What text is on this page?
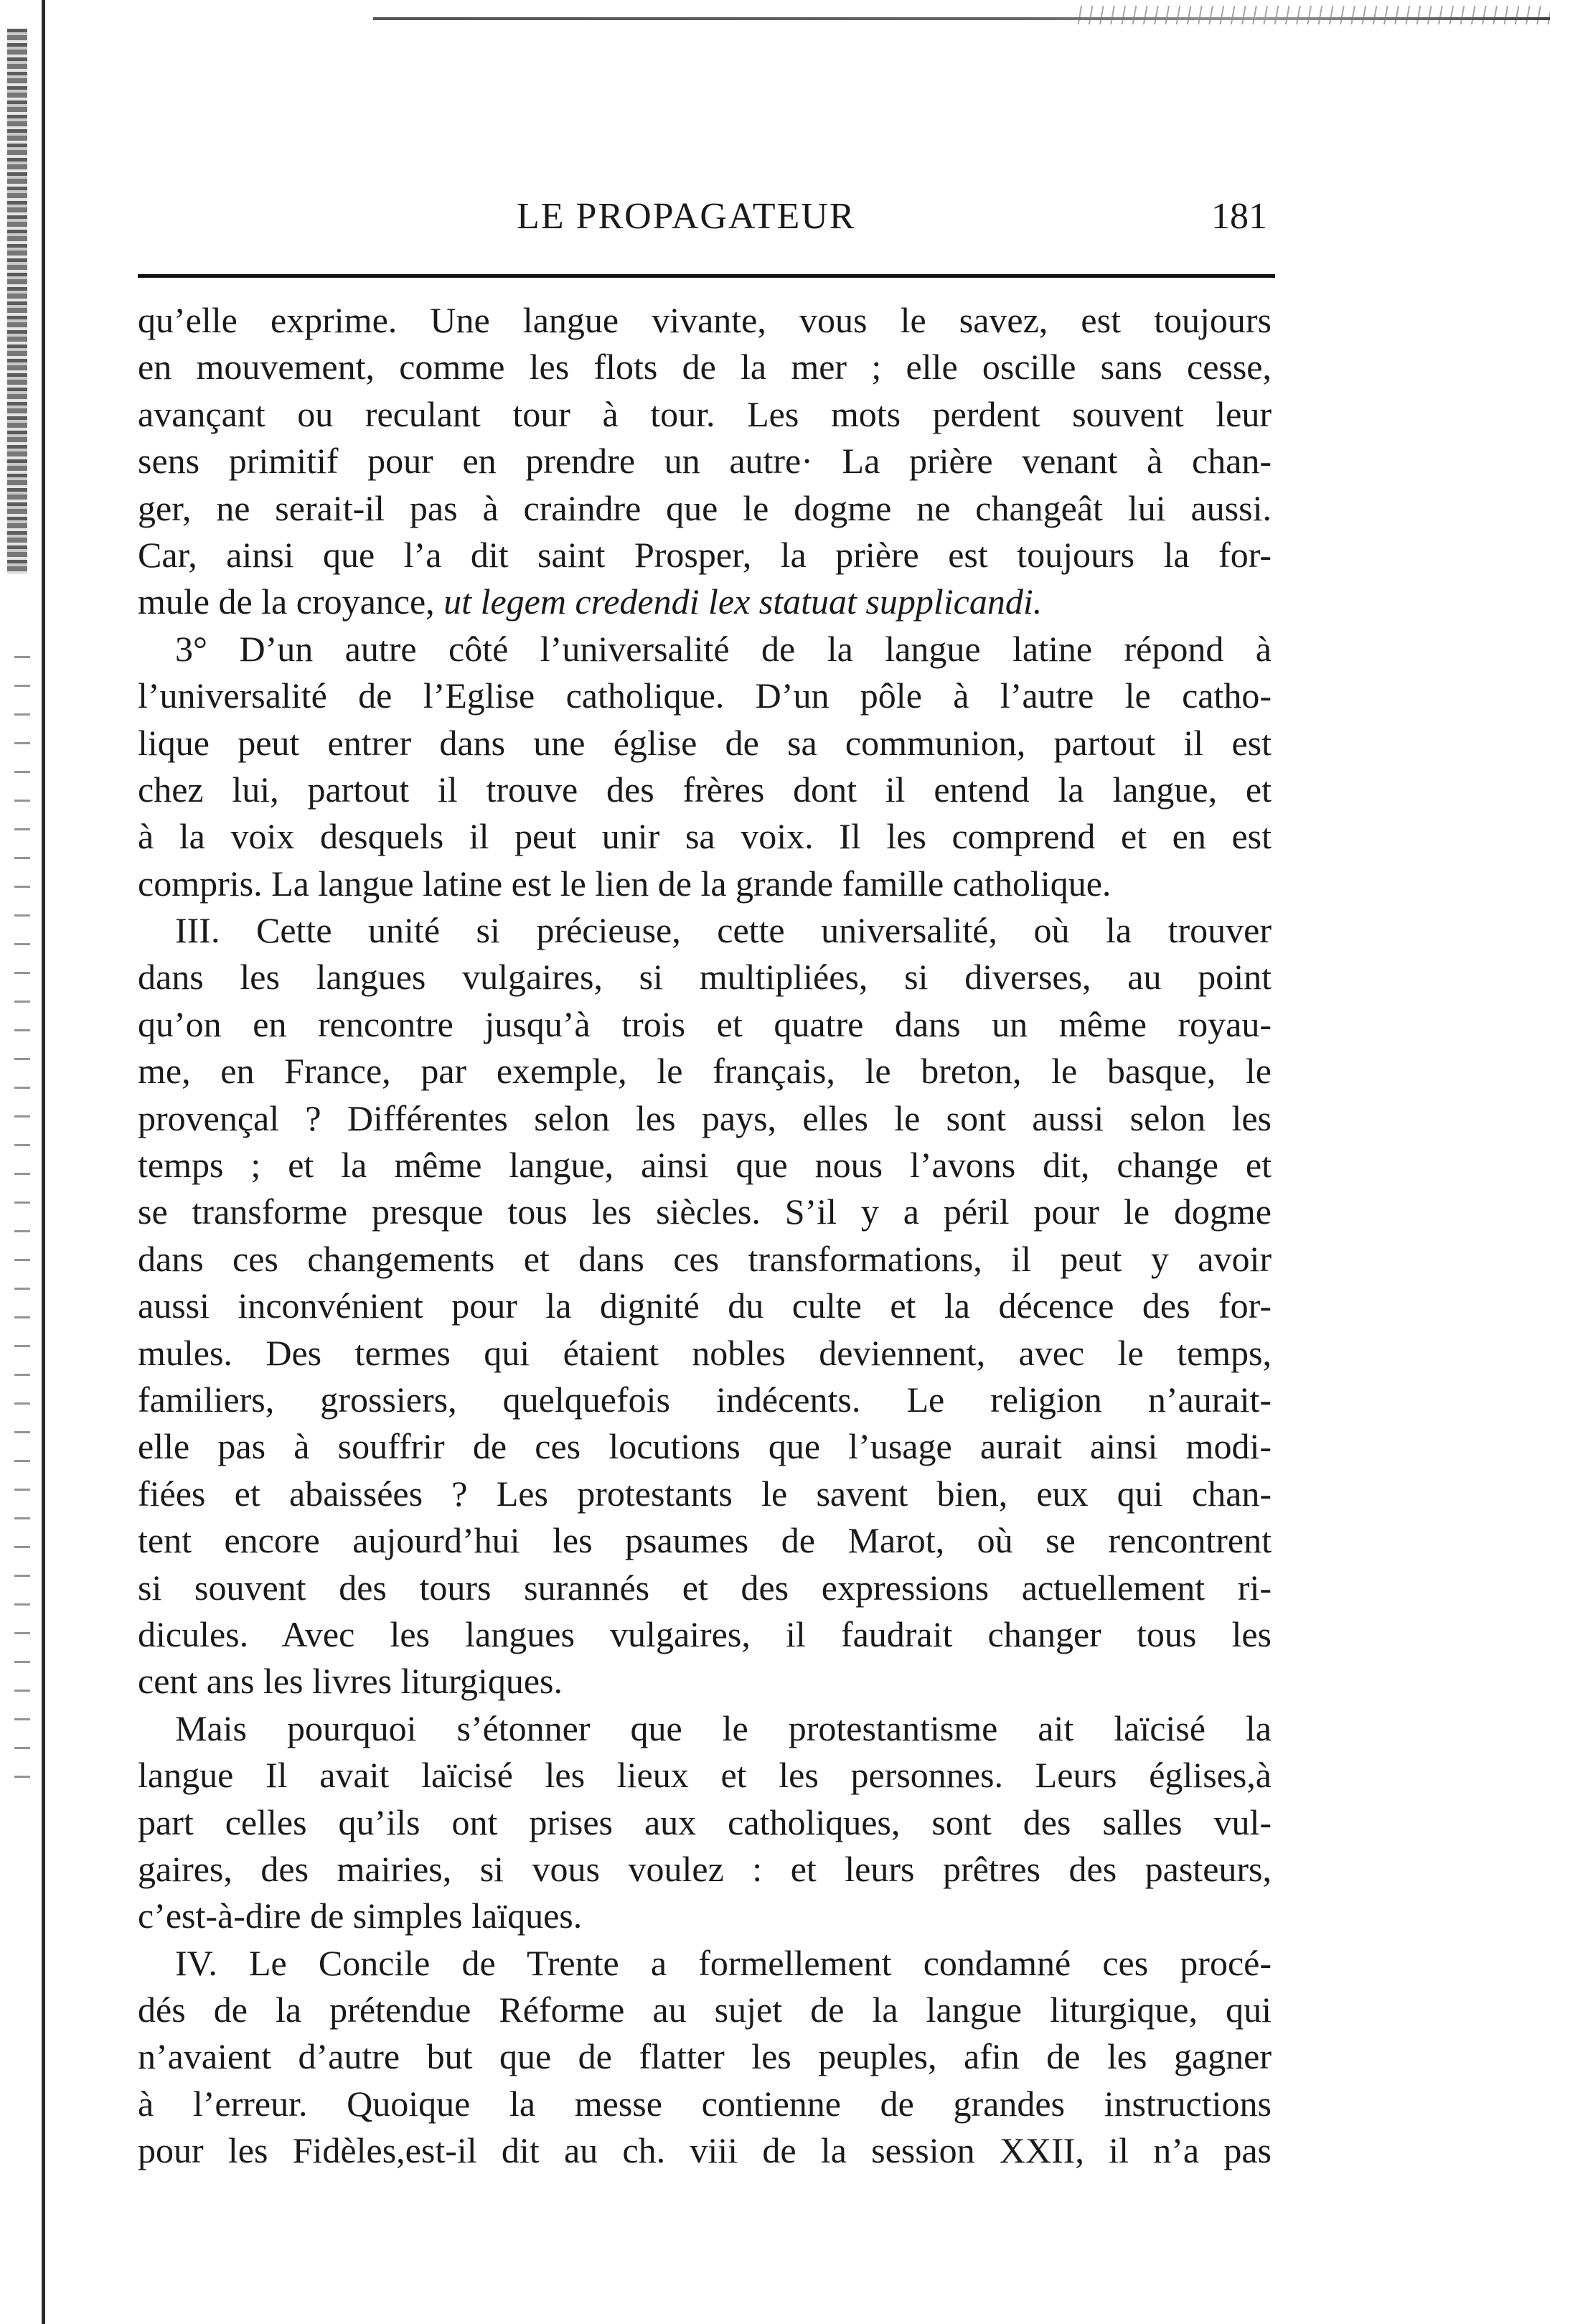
LE PROPAGATEUR	181
qu’elle exprime. Une langue vivante, vous le savez, est toujours
en mouvement, comme les flots de la mer ; elle oscille sans cesse,
avançant ou reculant tour à tour. Les mots perdent souvent leur
sens primitif pour en prendre un autre· La prière venant à chan-
ger, ne serait-il pas à craindre que le dogme ne changeât lui aussi.
Car, ainsi que l’a dit saint Prosper, la prière est toujours la for-
mule de la croyance, ut legem credendi lex statuat supplicandi.
3° D’un autre côté l’universalité de la langue latine répond à
l’universalité de l’Eglise catholique. D’un pôle à l’autre le catho-
lique peut entrer dans une église de sa communion, partout il est
chez lui, partout il trouve des frères dont il entend la langue, et
à la voix desquels il peut unir sa voix. Il les comprend et en est
compris. La langue latine est le lien de la grande famille catholique.
III. Cette unité si précieuse, cette universalité, où la trouver
dans les langues vulgaires, si multipliées, si diverses, au point
qu’on en rencontre jusqu’à trois et quatre dans un même royau-
me, en France, par exemple, le français, le breton, le basque, le
provençal ? Différentes selon les pays, elles le sont aussi selon les
temps ; et la même langue, ainsi que nous l’avons dit, change et
se transforme presque tous les siècles. S’il y a péril pour le dogme
dans ces changements et dans ces transformations, il peut y avoir
aussi inconvénient pour la dignité du culte et la décence des for-
mules. Des termes qui étaient nobles deviennent, avec le temps,
familiers, grossiers, quelquefois indécents. Le religion n’aurait-
elle pas à souffrir de ces locutions que l’usage aurait ainsi modi-
fiées et abaissées ? Les protestants le savent bien, eux qui chan-
tent encore aujourd’hui les psaumes de Marot, où se rencontrent
si souvent des tours surannés et des expressions actuellement ri-
dicules. Avec les langues vulgaires, il faudrait changer tous les
cent ans les livres liturgiques.
Mais pourquoi s’étonner que le protestantisme ait laïcisé la
langue Il avait laïcisé les lieux et les personnes. Leurs églises,à
part celles qu’ils ont prises aux catholiques, sont des salles vul-
gaires, des mairies, si vous voulez : et leurs prêtres des pasteurs,
c’est-à-dire de simples laïques.
IV. Le Concile de Trente a formellement condamné ces procé-
dés de la prétendue Réforme au sujet de la langue liturgique, qui
n’avaient d’autre but que de flatter les peuples, afin de les gagner
à l’erreur. Quoique la messe contienne de grandes instructions
pour les Fidèles,est-il dit au ch. viii de la session XXII, il n’a pas
